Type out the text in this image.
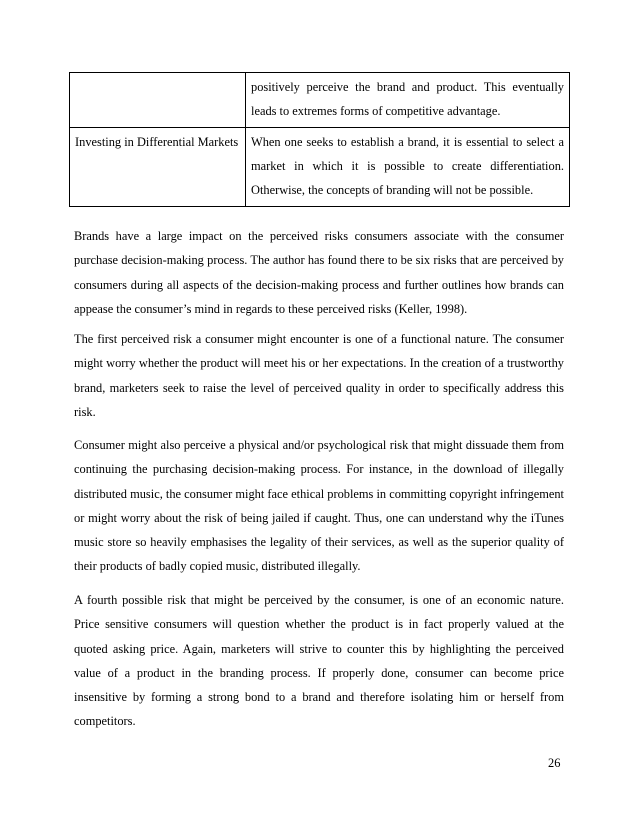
	positively perceive the brand and product. This eventually leads to extremes forms of competitive advantage.
Investing in Differential Markets	When one seeks to establish a brand, it is essential to select a market in which it is possible to create differentiation. Otherwise, the concepts of branding will not be possible.

Brands have a large impact on the perceived risks consumers associate with the consumer purchase decision-making process. The author has found there to be six risks that are perceived by consumers during all aspects of the decision-making process and further outlines how brands can appease the consumer’s mind in regards to these perceived risks (Keller, 1998).

The first perceived risk a consumer might encounter is one of a functional nature. The consumer might worry whether the product will meet his or her expectations. In the creation of a trustworthy brand, marketers seek to raise the level of perceived quality in order to specifically address this risk.

Consumer might also perceive a physical and/or psychological risk that might dissuade them from continuing the purchasing decision-making process. For instance, in the download of illegally distributed music, the consumer might face ethical problems in committing copyright infringement or might worry about the risk of being jailed if caught. Thus, one can understand why the iTunes music store so heavily emphasises the legality of their services, as well as the superior quality of their products of badly copied music, distributed illegally.

A fourth possible risk that might be perceived by the consumer, is one of an economic nature. Price sensitive consumers will question whether the product is in fact properly valued at the quoted asking price. Again, marketers will strive to counter this by highlighting the perceived value of a product in the branding process. If properly done, consumer can become price insensitive by forming a strong bond to a brand and therefore isolating him or herself from competitors.

26
